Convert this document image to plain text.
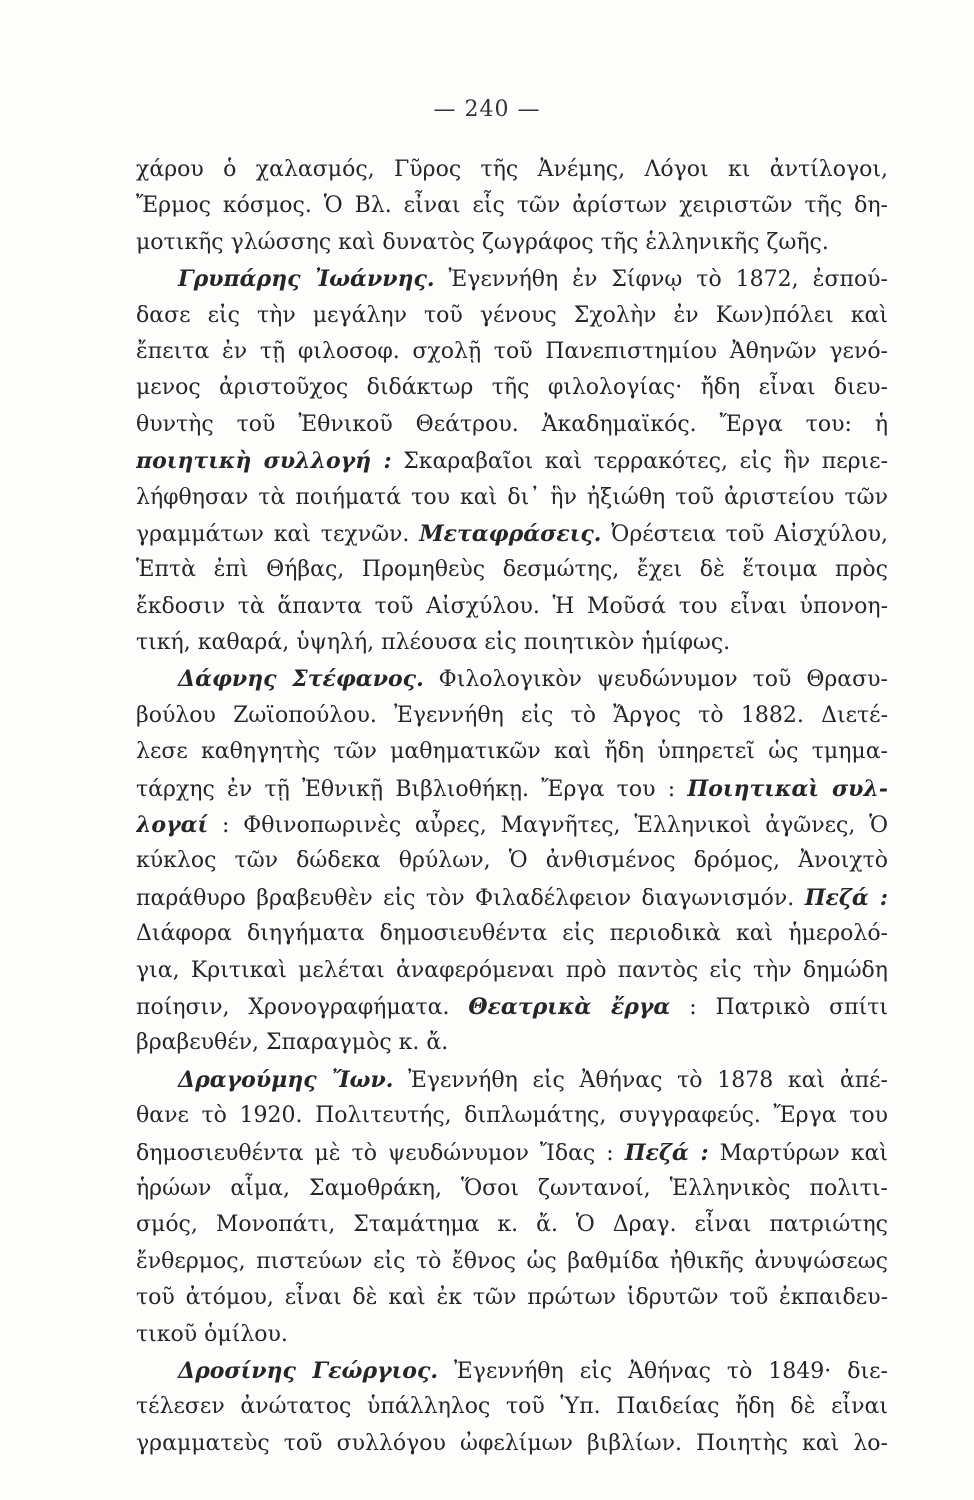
— 240 —
χάρου ὁ χαλασμός, Γῦρος τῆς Ἀνέμης, Λόγοι κι ἀντίλογοι,
Ἔρμος κόσμος. Ὁ Βλ. εἶναι εἷς τῶν ἀρίστων χειριστῶν τῆς δη-
μοτικῆς γλώσσης καὶ δυνατὸς ζωγράφος τῆς ἑλληνικῆς ζωῆς.
Γρυπάρης Ἰωάννης. Ἐγεννήθη ἐν Σίφνῳ τὸ 1872, ἐσπού-
δασε εἰς τὴν μεγάλην τοῦ γένους Σχολὴν ἐν Κων)πόλει καὶ
ἔπειτα ἐν τῇ φιλοσοφ. σχολῇ τοῦ Πανεπιστημίου Ἀθηνῶν γενό-
μενος ἀριστοῦχος διδάκτωρ τῆς φιλολογίας· ἤδη εἶναι διευ-
θυντὴς τοῦ Ἐθνικοῦ Θεάτρου. Ἀκαδημαϊκός. Ἔργα του: ἡ
ποιητικὴ συλλογή : Σκαραβαῖοι καὶ τερρακότες, εἰς ἣν περιε-
λήφθησαν τὰ ποιήματά του καὶ δι᾿ ἣν ἠξιώθη τοῦ ἀριστείου τῶν
γραμμάτων καὶ τεχνῶν. Μεταφράσεις. Ὀρέστεια τοῦ Αἰσχύλου,
Ἑπτὰ ἐπὶ Θήβας, Προμηθεὺς δεσμώτης, ἔχει δὲ ἕτοιμα πρὸς
ἔκδοσιν τὰ ἅπαντα τοῦ Αἰσχύλου. Ἡ Μοῦσά του εἶναι ὑπονοη-
τική, καθαρά, ὑψηλή, πλέουσα εἰς ποιητικὸν ἡμίφως.
Δάφνης Στέφανος. Φιλολογικὸν ψευδώνυμον τοῦ Θρασυ-
βούλου Ζωϊοπούλου. Ἐγεννήθη εἰς τὸ Ἄργος τὸ 1882. Διετέ-
λεσε καθηγητὴς τῶν μαθηματικῶν καὶ ἤδη ὑπηρετεῖ ὡς τμημα-
τάρχης ἐν τῇ Ἐθνικῇ Βιβλιοθήκῃ. Ἔργα του : Ποιητικαὶ συλ-
λογαί : Φθινοπωρινὲς αὖρες, Μαγνῆτες, Ἑλληνικοὶ ἀγῶνες, Ὁ
κύκλος τῶν δώδεκα θρύλων, Ὁ ἀνθισμένος δρόμος, Ἀνοιχτὸ
παράθυρο βραβευθὲν εἰς τὸν Φιλαδέλφειον διαγωνισμόν. Πεζά :
Διάφορα διηγήματα δημοσιευθέντα εἰς περιοδικὰ καὶ ἡμερολό-
για, Κριτικαὶ μελέται ἀναφερόμεναι πρὸ παντὸς εἰς τὴν δημώδη
ποίησιν, Χρονογραφήματα. Θεατρικὰ ἔργα : Πατρικὸ σπίτι
βραβευθέν, Σπαραγμὸς κ. ἄ.
Δραγούμης Ἴων. Ἐγεννήθη εἰς Ἀθήνας τὸ 1878 καὶ ἀπέ-
θανε τὸ 1920. Πολιτευτής, διπλωμάτης, συγγραφεύς. Ἔργα του
δημοσιευθέντα μὲ τὸ ψευδώνυμον Ἴδας : Πεζά : Μαρτύρων καὶ
ἡρώων αἷμα, Σαμοθράκη, Ὅσοι ζωντανοί, Ἑλληνικὸς πολιτι-
σμός, Μονοπάτι, Σταμάτημα κ. ἄ. Ὁ Δραγ. εἶναι πατριώτης
ἔνθερμος, πιστεύων εἰς τὸ ἔθνος ὡς βαθμίδα ἠθικῆς ἀνυψώσεως
τοῦ ἀτόμου, εἶναι δὲ καὶ ἐκ τῶν πρώτων ἱδρυτῶν τοῦ ἐκπαιδευ-
τικοῦ ὁμίλου.
Δροσίνης Γεώργιος. Ἐγεννήθη εἰς Ἀθήνας τὸ 1849· διε-
τέλεσεν ἀνώτατος ὑπάλληλος τοῦ Ὑπ. Παιδείας ἤδη δὲ εἶναι
γραμματεὺς τοῦ συλλόγου ὠφελίμων βιβλίων. Ποιητὴς καὶ λο-
